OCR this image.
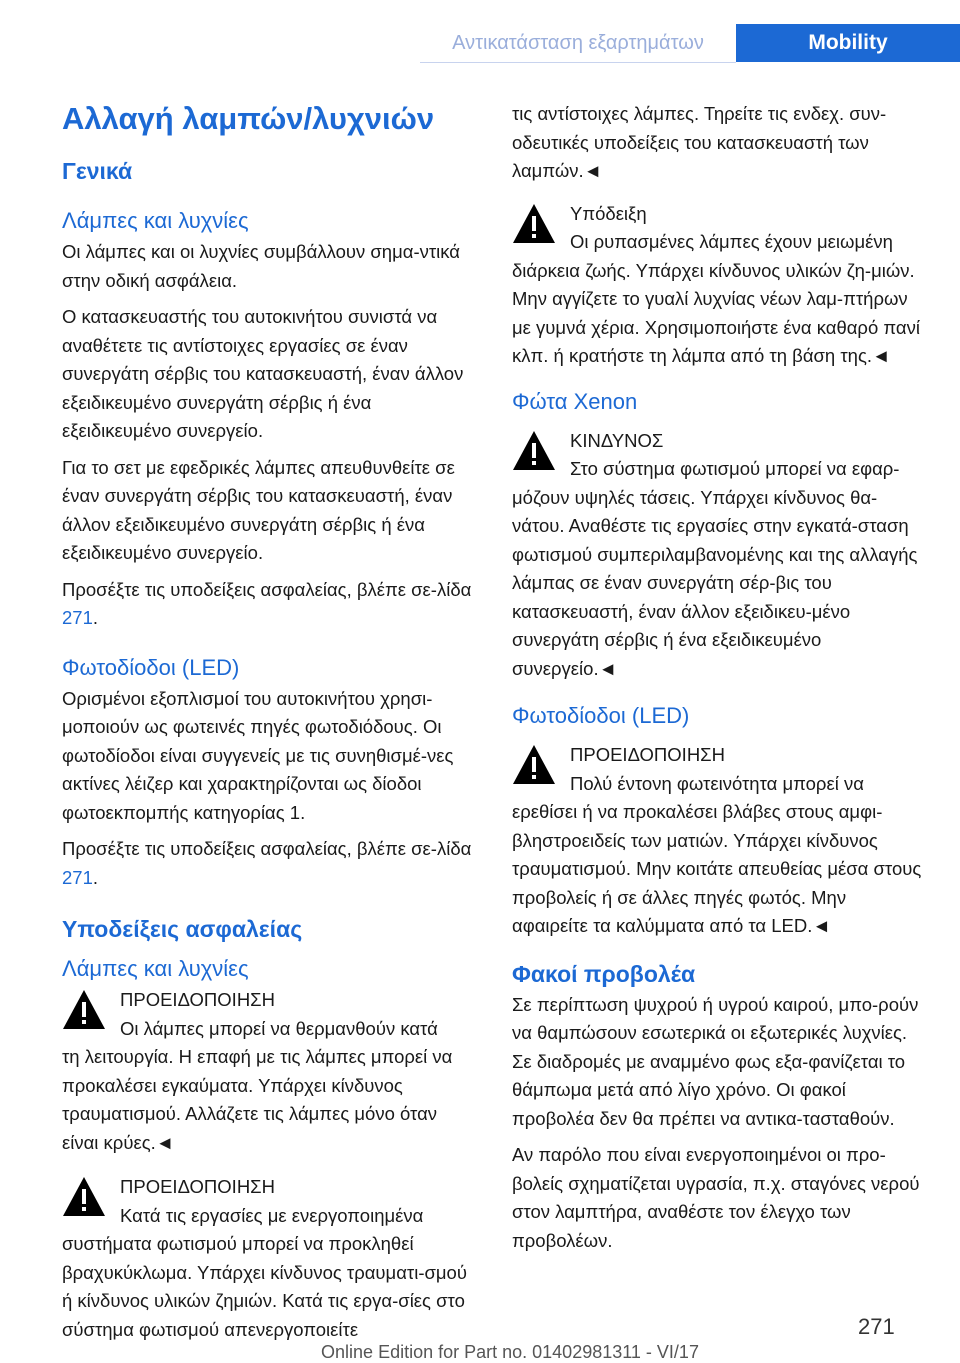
Αντικατάσταση εξαρτημάτων	Mobility
Αλλαγή λαμπών/λυχνιών
Γενικά
Λάμπες και λυχνίες

Οι λάμπες και οι λυχνίες συμβάλλουν σημα-ντικά στην οδική ασφάλεια.

Ο κατασκευαστής του αυτοκινήτου συνιστά να αναθέτετε τις αντίστοιχες εργασίες σε έναν συνεργάτη σέρβις του κατασκευαστή, έναν άλλον εξειδικευμένο συνεργάτη σέρβις ή ένα εξειδικευμένο συνεργείο.

Για το σετ με εφεδρικές λάμπες απευθυνθείτε σε έναν συνεργάτη σέρβις του κατασκευαστή, έναν άλλον εξειδικευμένο συνεργάτη σέρβις ή ένα εξειδικευμένο συνεργείο.

Προσέξτε τις υποδείξεις ασφαλείας, βλέπε σε-λίδα 271.

Φωτοδίοδοι (LED)

Ορισμένοι εξοπλισμοί του αυτοκινήτου χρησι-μοποιούν ως φωτεινές πηγές φωτοδιόδους. Οι φωτοδίοδοι είναι συγγενείς με τις συνηθισμέ-νες ακτίνες λέιζερ και χαρακτηρίζονται ως δίοδοι φωτοεκπομπής κατηγορίας 1.

Προσέξτε τις υποδείξεις ασφαλείας, βλέπε σε-λίδα 271.

Υποδείξεις ασφαλείας
Λάμπες και λυχνίες
ΠΡΟΕΙΔΟΠΟΙΗΣΗ
Οι λάμπες μπορεί να θερμανθούν κατά

τη λειτουργία. Η επαφή με τις λάμπες μπορεί να προκαλέσει εγκαύματα. Υπάρχει κίνδυνος τραυματισμού. Αλλάζετε τις λάμπες μόνο όταν είναι κρύες.◄

ΠΡΟΕΙΔΟΠΟΙΗΣΗ
Κατά τις εργασίες με ενεργοποιημένα

συστήματα φωτισμού μπορεί να προκληθεί βραχυκύκλωμα. Υπάρχει κίνδυνος τραυματι-σμού ή κίνδυνος υλικών ζημιών. Κατά τις εργα-σίες στο σύστημα φωτισμού απενεργοποιείτε

τις αντίστοιχες λάμπες. Τηρείτε τις ενδεχ. συν-οδευτικές υποδείξεις του κατασκευαστή των λαμπών.◄

Υπόδειξη
Οι ρυπασμένες λάμπες έχουν μειωμένη

διάρκεια ζωής. Υπάρχει κίνδυνος υλικών ζη-μιών. Μην αγγίζετε το γυαλί λυχνίας νέων λαμ-πτήρων με γυμνά χέρια. Χρησιμοποιήστε ένα καθαρό πανί κλπ. ή κρατήστε τη λάμπα από τη βάση της.◄

Φώτα Xenon
ΚΙΝΔΥΝΟΣ
Στο σύστημα φωτισμού μπορεί να εφαρ-

μόζουν υψηλές τάσεις. Υπάρχει κίνδυνος θα-νάτου. Αναθέστε τις εργασίες στην εγκατά-σταση φωτισμού συμπεριλαμβανομένης και της αλλαγής λάμπας σε έναν συνεργάτη σέρ-βις του κατασκευαστή, έναν άλλον εξειδικευ-μένο συνεργάτη σέρβις ή ένα εξειδικευμένο συνεργείο.◄

Φωτοδίοδοι (LED)
ΠΡΟΕΙΔΟΠΟΙΗΣΗ
Πολύ έντονη φωτεινότητα μπορεί να

ερεθίσει ή να προκαλέσει βλάβες στους αμφι-βληστροειδείς των ματιών. Υπάρχει κίνδυνος τραυματισμού. Μην κοιτάτε απευθείας μέσα στους προβολείς ή σε άλλες πηγές φωτός. Μην αφαιρείτε τα καλύμματα από τα LED.◄

Φακοί προβολέα

Σε περίπτωση ψυχρού ή υγρού καιρού, μπο-ρούν να θαμπώσουν εσωτερικά οι εξωτερικές λυχνίες. Σε διαδρομές με αναμμένο φως εξα-φανίζεται το θάμπωμα μετά από λίγο χρόνο. Οι φακοί προβολέα δεν θα πρέπει να αντικα-τασταθούν.

Αν παρόλο που είναι ενεργοποιημένοι οι προ-βολείς σχηματίζεται υγρασία, π.χ. σταγόνες νερού στον λαμπτήρα, αναθέστε τον έλεγχο των προβολέων.

271
Online Edition for Part no. 01402981311 - VI/17
